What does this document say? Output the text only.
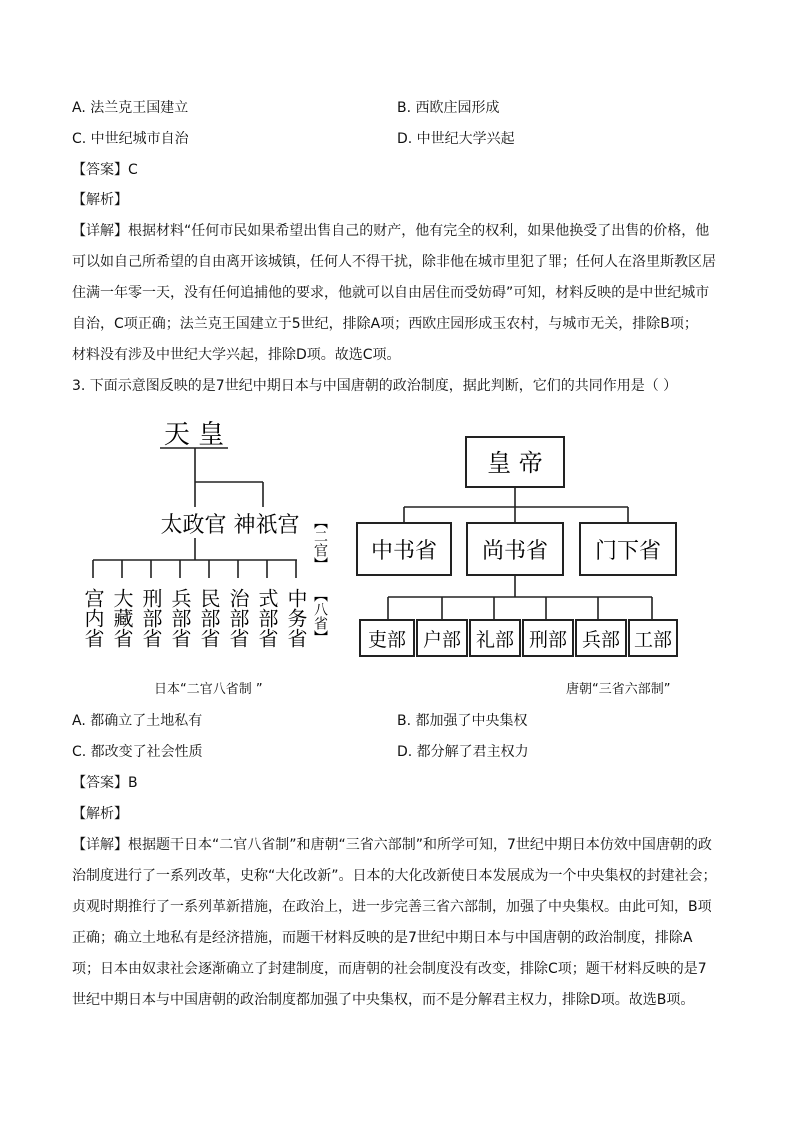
A. 法兰克王国建立	B. 西欧庄园形成
C. 中世纪城市自治	D. 中世纪大学兴起
【答案】C
【解析】
【详解】根据材料“任何市民如果希望出售自己的财产，他有完全的权利，如果他换受了出售的价格，他
可以如自己所希望的自由离开该城镇，任何人不得干扰，除非他在城市里犯了罪；任何人在洛里斯教区居
住满一年零一天，没有任何追捕他的要求，他就可以自由居住而受妨碍”可知，材料反映的是中世纪城市
自治，C项正确；法兰克王国建立于5世纪，排除A项；西欧庄园形成玉农村，与城市无关，排除B项；
材料没有涉及中世纪大学兴起，排除D项。故选C项。
3. 下面示意图反映的是7世纪中期日本与中国唐朝的政治制度，据此判断，它们的共同作用是（ ）
天 皇
太政官 神祇宫 【二官】
【八省】
宫内省 大藏省 刑部省 兵部省 民部省 治部省 式部省 中务省
皇 帝
中书省 尚书省 门下省
吏部 户部 礼部 刑部 兵部 工部
日本“二官八省制 ”	唐朝“三省六部制”
A. 都确立了土地私有	B. 都加强了中央集权
C. 都改变了社会性质	D. 都分解了君主权力
【答案】B
【解析】
【详解】根据题干日本“二官八省制”和唐朝“三省六部制”和所学可知，7世纪中期日本仿效中国唐朝的政
治制度进行了一系列改革，史称“大化改新”。日本的大化改新使日本发展成为一个中央集权的封建社会；
贞观时期推行了一系列革新措施，在政治上，进一步完善三省六部制，加强了中央集权。由此可知，B项
正确；确立土地私有是经济措施，而题干材料反映的是7世纪中期日本与中国唐朝的政治制度，排除A
项；日本由奴隶社会逐渐确立了封建制度，而唐朝的社会制度没有改变，排除C项；题干材料反映的是7
世纪中期日本与中国唐朝的政治制度都加强了中央集权，而不是分解君主权力，排除D项。故选B项。
